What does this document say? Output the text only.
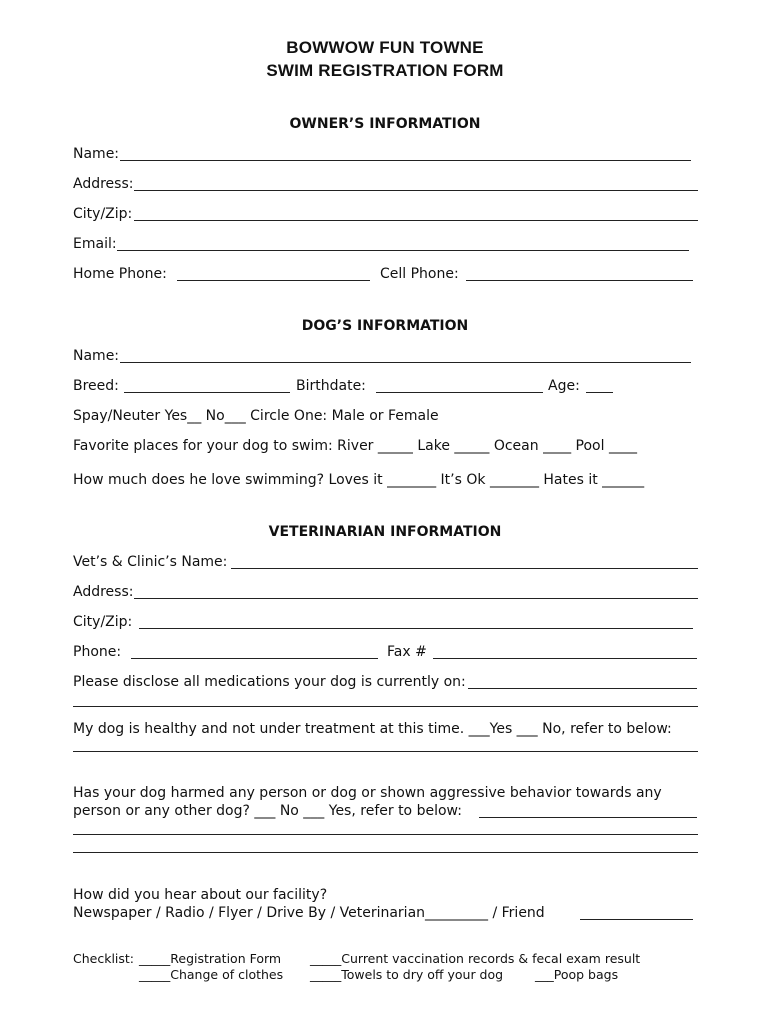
BOWWOW FUN TOWNE
SWIM REGISTRATION FORM
OWNER’S INFORMATION
Name:
Address:
City/Zip:
Email:
Home Phone:	Cell Phone:
DOG’S INFORMATION
Name:
Breed:	Birthdate:	Age:
Spay/Neuter Yes__ No___ Circle One: Male or Female
Favorite places for your dog to swim: River _____ Lake _____ Ocean ____ Pool ____
How much does he love swimming? Loves it _______ It’s Ok _______ Hates it ______
VETERINARIAN INFORMATION
Vet’s & Clinic’s Name:
Address:
City/Zip:
Phone:	Fax #
Please disclose all medications your dog is currently on:
My dog is healthy and not under treatment at this time. ___Yes ___ No, refer to below:
Has your dog harmed any person or dog or shown aggressive behavior towards any
person or any other dog? ___ No ___ Yes, refer to below:
How did you hear about our facility?
Newspaper / Radio / Flyer / Drive By / Veterinarian_________ / Friend
Checklist: _____Registration Form _____Current vaccination records & fecal exam result
_____Change of clothes _____Towels to dry off your dog	___Poop bags
